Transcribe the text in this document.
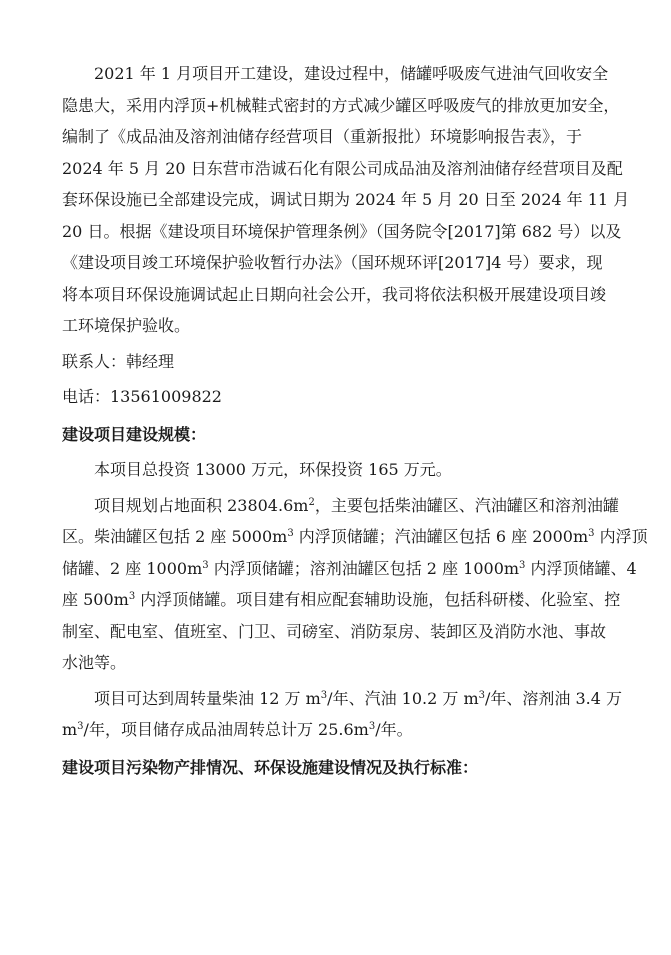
2021 年 1 月项目开工建设，建设过程中，储罐呼吸废气进油气回收安全

隐患大，采用内浮顶+机械鞋式密封的方式减少罐区呼吸废气的排放更加安全，

编制了《成品油及溶剂油储存经营项目（重新报批）环境影响报告表》，于

2024 年 5 月 20 日东营市浩诚石化有限公司成品油及溶剂油储存经营项目及配

套环保设施已全部建设完成，调试日期为 2024 年 5 月 20 日至 2024 年 11 月

20 日。根据《建设项目环境保护管理条例》（国务院令[2017]第 682 号）以及

《建设项目竣工环境保护验收暂行办法》（国环规环评[2017]4 号）要求，现

将本项目环保设施调试起止日期向社会公开，我司将依法积极开展建设项目竣

工环境保护验收。

联系人：韩经理

电话：13561009822

建设项目建设规模：

本项目总投资 13000 万元，环保投资 165 万元。

项目规划占地面积 $23804.6m^2$，主要包括柴油罐区、汽油罐区和溶剂油罐

区。柴油罐区包括 2 座 $5000m^3$ 内浮顶储罐；汽油罐区包括 6 座 $2000m^3$ 内浮顶

储罐、2 座 $1000m^3$ 内浮顶储罐；溶剂油罐区包括 2 座 $1000m^3$ 内浮顶储罐、4

座 $500m^3$ 内浮顶储罐。项目建有相应配套辅助设施，包括科研楼、化验室、控

制室、配电室、值班室、门卫、司磅室、消防泵房、装卸区及消防水池、事故

水池等。

项目可达到周转量柴油 12 万 $m^3/$年、汽油 10.2 万 $m^3/$年、溶剂油 3.4 万

$m^3/$年，项目储存成品油周转总计万 $25.6m^3/$年。

建设项目污染物产排情况、环保设施建设情况及执行标准：
